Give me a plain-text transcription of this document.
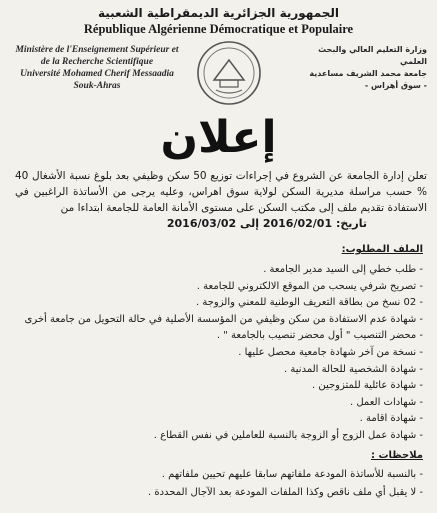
الجمهورية الجزائرية الديمقراطية الشعبية
République Algérienne Démocratique et Populaire
Ministère de l'Enseignement Supérieur et
de la Recherche Scientifique
Université Mohamed Cherif Messaadia
Souk-Ahras
وزارة التعليم العالي والبحث العلمي
جامعة محمد الشريف مساعدية
- سوق أهراس -
إعلان
تعلن إدارة الجامعة عن الشروع في إجراءات توزيع 50 سكن وظيفي بعد بلوغ نسبة الأشغال 40 % حسب مراسلة مديرية السكن لولاية سوق اهراس، وعليه يرجى من الأساتذة الراغبين في الاستفادة تقديم ملف إلى مكتب السكن على مستوى الأمانة العامة للجامعة ابتداءا من
تاريخ: 2016/02/01 إلى 2016/03/02
الملف المطلوب:
- طلب خطي إلى السيد مدير الجامعة .
- تصريح شرفي يسحب من الموقع الالكتروني للجامعة .
- 02 نسخ من بطاقة التعريف الوطنية للمعني والزوجة .
- شهادة عدم الاستفادة من سكن وظيفي من المؤسسة الأصلية في حالة التحويل من جامعة أخرى
- محضر التنصيب " أول محضر تنصيب بالجامعة " .
- نسخة من آخر شهادة جامعية محصل عليها .
- شهادة الشخصية للحالة المدنية .
- شهادة عائلية للمتزوجين .
- شهادات العمل .
- شهادة اقامة .
- شهادة عمل الزوج أو الزوجة بالنسبة للعاملين في نفس القطاع .
ملاحظات :
- بالنسبة للأساتذة المودعة ملفاتهم سابقا عليهم تحيين ملفاتهم .
- لا يقبل أي ملف ناقص وكذا الملفات المودعة بعد الآجال المحددة .
